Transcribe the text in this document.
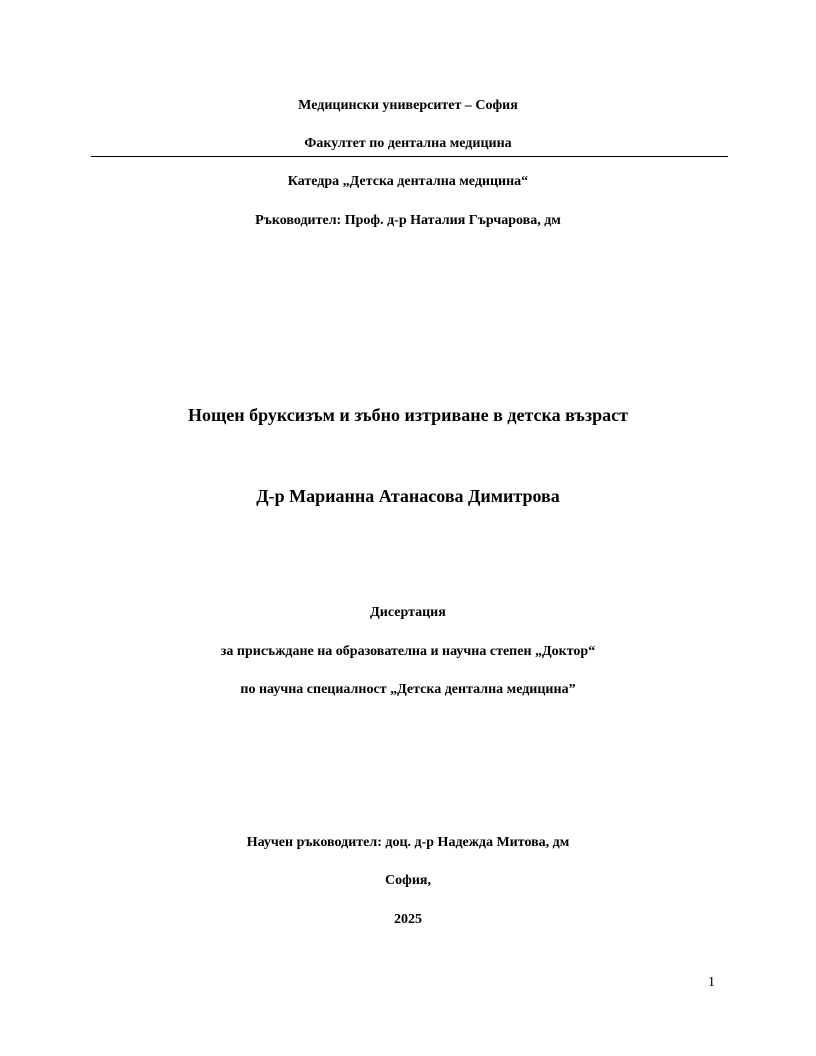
Медицински университет – София
Факултет по дентална медицина
Катедра „Детска дентална медицина“
Ръководител: Проф. д-р Наталия Гърчарова, дм
Нощен бруксизъм и зъбно изтриване в детска възраст
Д-р Марианна Атанасова Димитрова
Дисертация
за присъждане на образователна и научна степен „Доктор“
по научна специалност „Детска дентална медицина”
Научен ръководител: доц. д-р Надежда Митова, дм
София,
2025
1
